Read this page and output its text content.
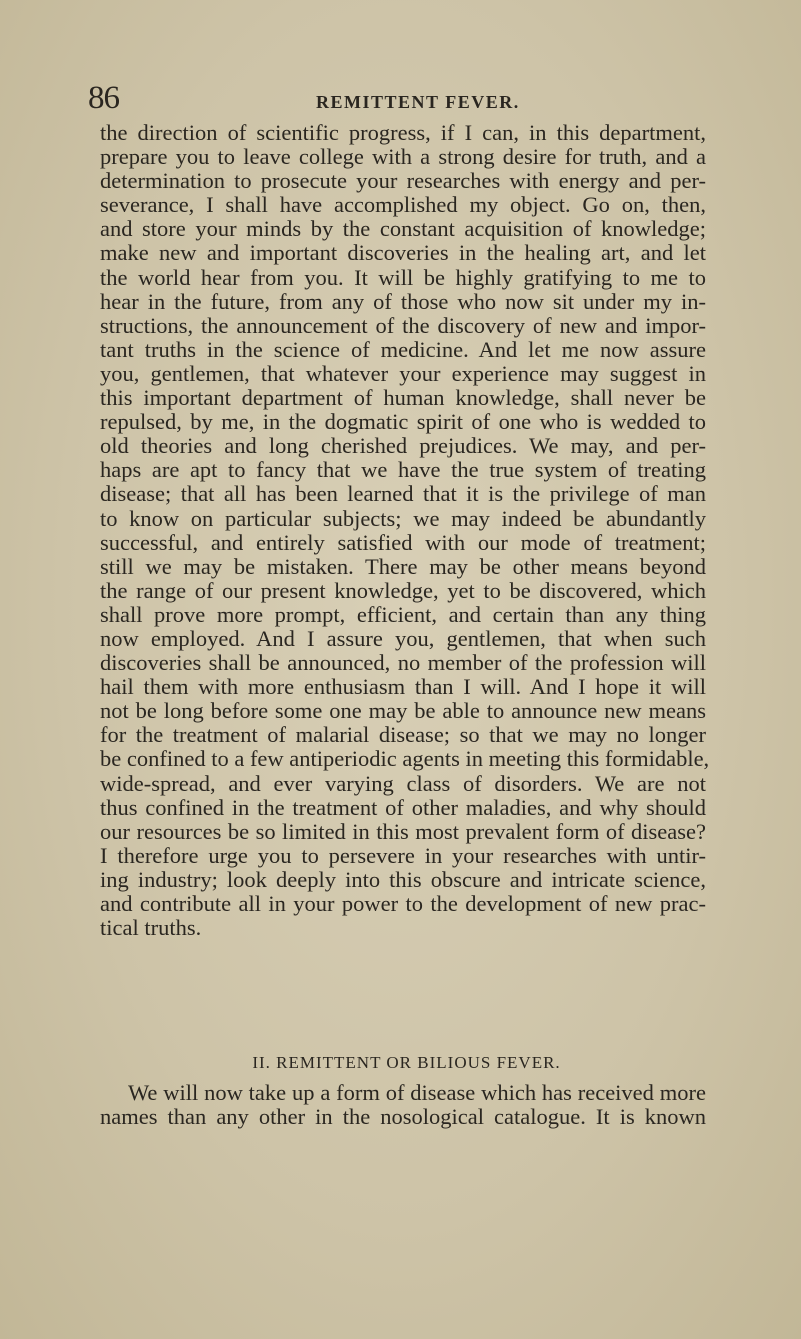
86	REMITTENT FEVER.
the direction of scientific progress, if I can, in this department,
prepare you to leave college with a strong desire for truth, and a
determination to prosecute your researches with energy and per-
severance, I shall have accomplished my object. Go on, then,
and store your minds by the constant acquisition of knowledge;
make new and important discoveries in the healing art, and let
the world hear from you. It will be highly gratifying to me to
hear in the future, from any of those who now sit under my in-
structions, the announcement of the discovery of new and impor-
tant truths in the science of medicine. And let me now assure
you, gentlemen, that whatever your experience may suggest in
this important department of human knowledge, shall never be
repulsed, by me, in the dogmatic spirit of one who is wedded to
old theories and long cherished prejudices. We may, and per-
haps are apt to fancy that we have the true system of treating
disease; that all has been learned that it is the privilege of man
to know on particular subjects; we may indeed be abundantly
successful, and entirely satisfied with our mode of treatment;
still we may be mistaken. There may be other means beyond
the range of our present knowledge, yet to be discovered, which
shall prove more prompt, efficient, and certain than any thing
now employed. And I assure you, gentlemen, that when such
discoveries shall be announced, no member of the profession will
hail them with more enthusiasm than I will. And I hope it will
not be long before some one may be able to announce new means
for the treatment of malarial disease; so that we may no longer
be confined to a few antiperiodic agents in meeting this formidable,
wide-spread, and ever varying class of disorders. We are not
thus confined in the treatment of other maladies, and why should
our resources be so limited in this most prevalent form of disease?
I therefore urge you to persevere in your researches with untir-
ing industry; look deeply into this obscure and intricate science,
and contribute all in your power to the development of new prac-
tical truths.
II. REMITTENT OR BILIOUS FEVER.
We will now take up a form of disease which has received more
names than any other in the nosological catalogue. It is known
